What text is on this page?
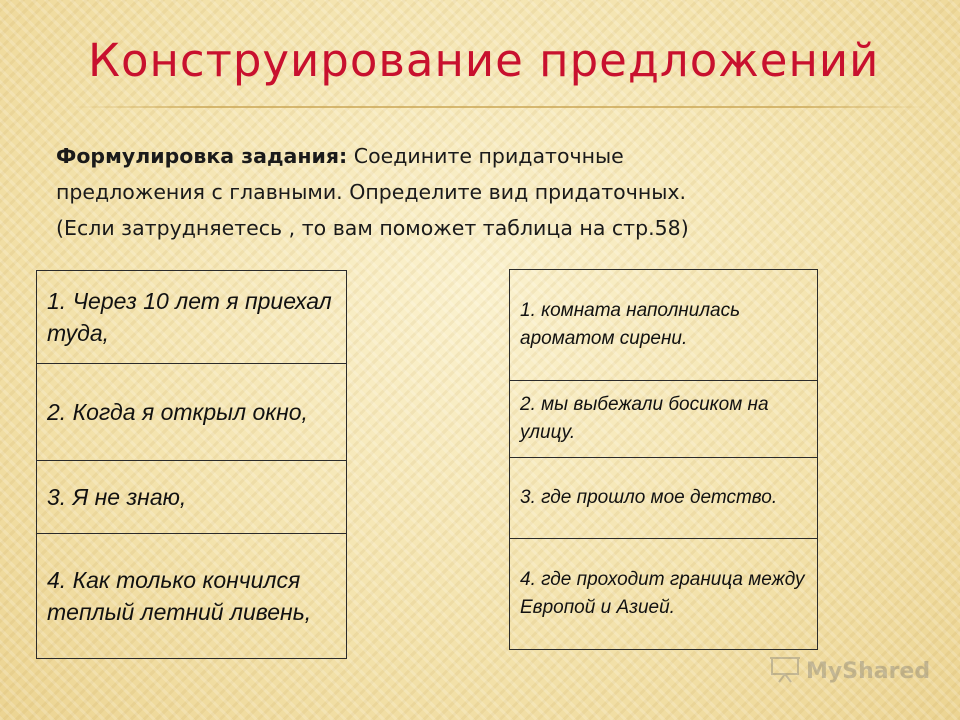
Конструирование предложений
Формулировка задания: Соедините придаточные
предложения с главными. Определите вид придаточных.
(Если затрудняетесь , то вам поможет таблица на стр.58)
1. Через 10 лет я приехал туда,
2. Когда я открыл окно,
3. Я не знаю,
4. Как только кончился теплый летний ливень,
1. комната наполнилась ароматом сирени.
2. мы выбежали босиком на улицу.
3. где прошло мое детство.
4. где проходит граница между Европой и Азией.
MyShared
